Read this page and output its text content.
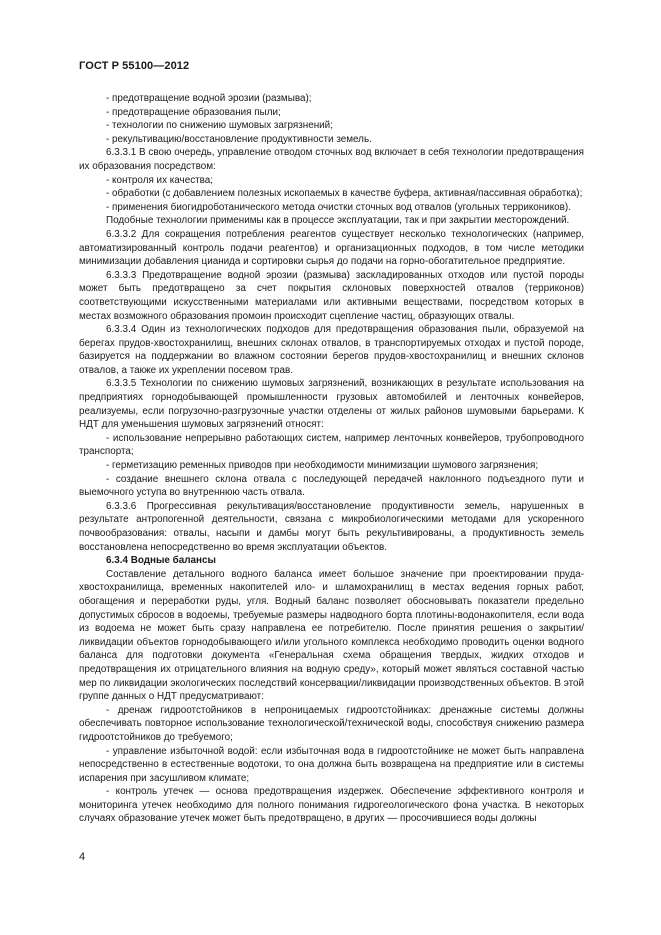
ГОСТ Р 55100—2012

- предотвращение водной эрозии (размыва);

- предотвращение образования пыли;

- технологии по снижению шумовых загрязнений;

- рекультивацию/восстановление продуктивности земель.

6.3.3.1 В свою очередь, управление отводом сточных вод включает в себя технологии предотвращения их образования посредством:

- контроля их качества;

- обработки (с добавлением полезных ископаемых в качестве буфера, активная/пассивная обработка);

- применения биогидроботанического метода очистки сточных вод отвалов (угольных террикоников).

Подобные технологии применимы как в процессе эксплуатации, так и при закрытии месторождений.

6.3.3.2 Для сокращения потребления реагентов существует несколько технологических (например, автоматизированный контроль подачи реагентов) и организационных подходов, в том числе методики минимизации добавления цианида и сортировки сырья до подачи на горно-обогатительное предприятие.

6.3.3.3 Предотвращение водной эрозии (размыва) заскладированных отходов или пустой породы может быть предотвращено за счет покрытия склоновых поверхностей отвалов (терриконов) соответствующими искусственными материалами или активными веществами, посредством которых в местах возможного образования промоин происходит сцепление частиц, образующих отвалы.

6.3.3.4 Один из технологических подходов для предотвращения образования пыли, образуемой на берегах прудов-хвостохранилищ, внешних склонах отвалов, в транспортируемых отходах и пустой породе, базируется на поддержании во влажном состоянии берегов прудов-хвостохранилищ и внешних склонов отвалов, а также их укреплении посевом трав.

6.3.3.5 Технологии по снижению шумовых загрязнений, возникающих в результате использования на предприятиях горнодобывающей промышленности грузовых автомобилей и ленточных конвейеров, реализуемы, если погрузочно-разгрузочные участки отделены от жилых районов шумовыми барьерами. К НДТ для уменьшения шумовых загрязнений относят:

- использование непрерывно работающих систем, например ленточных конвейеров, трубопроводного транспорта;

- герметизацию ременных приводов при необходимости минимизации шумового загрязнения;

- создание внешнего склона отвала с последующей передачей наклонного подъездного пути и выемочного уступа во внутреннюю часть отвала.

6.3.3.6 Прогрессивная рекультивация/восстановление продуктивности земель, нарушенных в результате антропогенной деятельности, связана с микробиологическими методами для ускоренного почвообразования: отвалы, насыпи и дамбы могут быть рекультивированы, а продуктивность земель восстановлена непосредственно во время эксплуатации объектов.

6.3.4 Водные балансы

Составление детального водного баланса имеет большое значение при проектировании пруда-хвостохранилища, временных накопителей ило- и шламохранилищ в местах ведения горных работ, обогащения и переработки руды, угля. Водный баланс позволяет обосновывать показатели предельно допустимых сбросов в водоемы, требуемые размеры надводного борта плотины-водонакопителя, если вода из водоема не может быть сразу направлена ее потребителю. После принятия решения о закрытии/ликвидации объектов горнодобывающего и/или угольного комплекса необходимо проводить оценки водного баланса для подготовки документа «Генеральная схема обращения твердых, жидких отходов и предотвращения их отрицательного влияния на водную среду», который может являться составной частью мер по ликвидации экологических последствий консервации/ликвидации производственных объектов. В этой группе данных о НДТ предусматривают:

- дренаж гидроотстойников в непроницаемых гидроотстойниках: дренажные системы должны обеспечивать повторное использование технологической/технической воды, способствуя снижению размера гидроотстойников до требуемого;

- управление избыточной водой: если избыточная вода в гидроотстойнике не может быть направлена непосредственно в естественные водотоки, то она должна быть возвращена на предприятие или в системы испарения при засушливом климате;

- контроль утечек — основа предотвращения издержек. Обеспечение эффективного контроля и мониторинга утечек необходимо для полного понимания гидрогеологического фона участка. В некоторых случаях образование утечек может быть предотвращено, в других — просочившиеся воды должны

4
